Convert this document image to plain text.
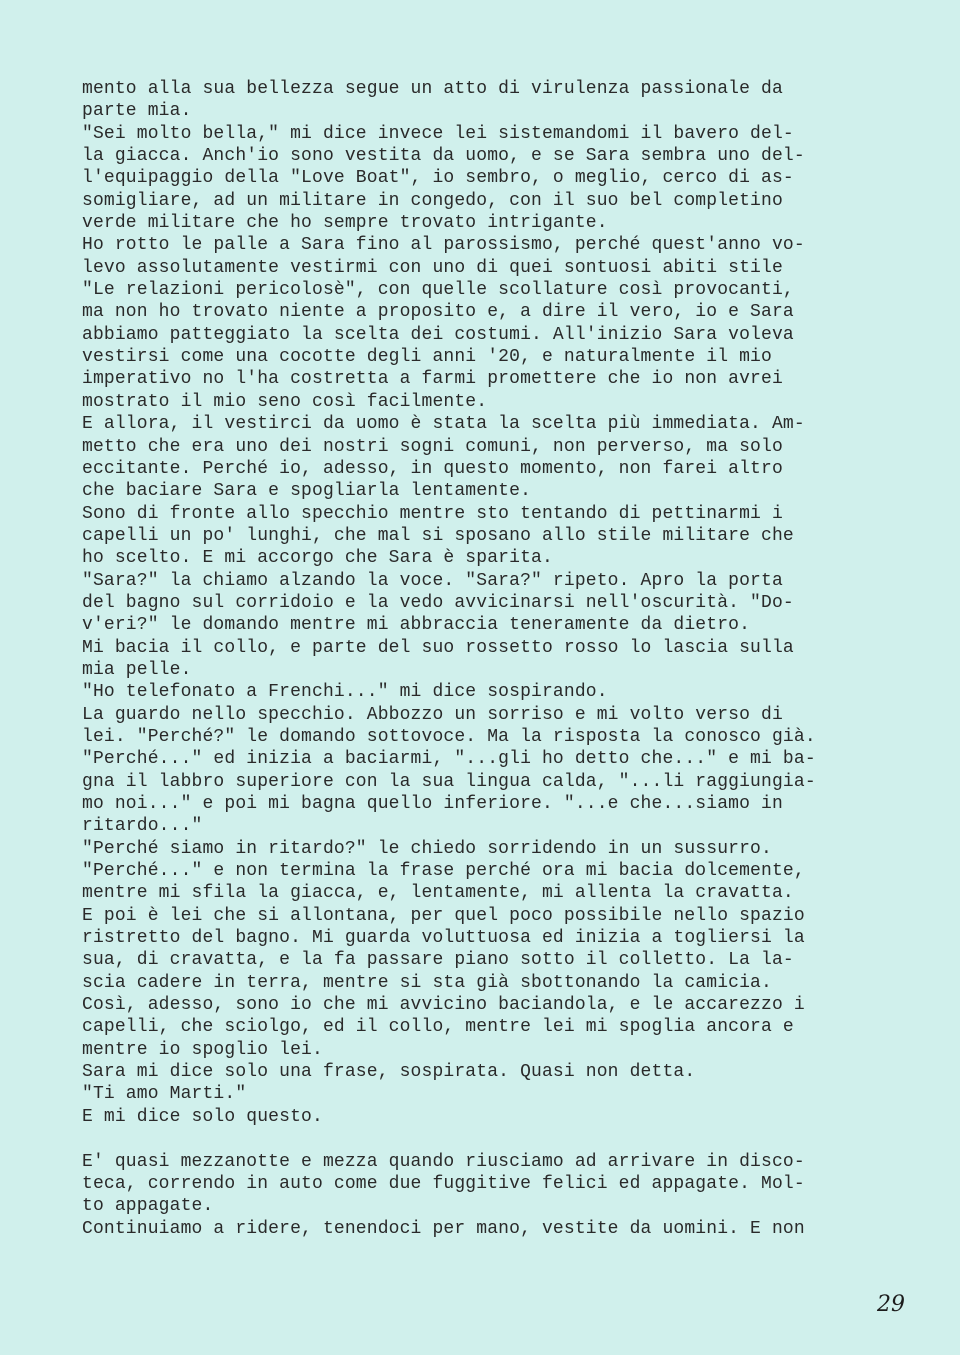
mento alla sua bellezza segue un atto di virulenza passionale da
parte mia.
"Sei molto bella," mi dice invece lei sistemandomi il bavero del-
la giacca. Anch'io sono vestita da uomo, e se Sara sembra uno del-
l'equipaggio della "Love Boat", io sembro, o meglio, cerco di as-
somigliare, ad un militare in congedo, con il suo bel completino
verde militare che ho sempre trovato intrigante.
Ho rotto le palle a Sara fino al parossismo, perché quest'anno vo-
levo assolutamente vestirmi con uno di quei sontuosi abiti stile
"Le relazioni pericolosè", con quelle scollature così provocanti,
ma non ho trovato niente a proposito e, a dire il vero, io e Sara
abbiamo patteggiato la scelta dei costumi. All'inizio Sara voleva
vestirsi come una cocotte degli anni '20, e naturalmente il mio
imperativo no l'ha costretta a farmi promettere che io non avrei
mostrato il mio seno così facilmente.
E allora, il vestirci da uomo è stata la scelta più immediata. Am-
metto che era uno dei nostri sogni comuni, non perverso, ma solo
eccitante. Perché io, adesso, in questo momento, non farei altro
che baciare Sara e spogliarla lentamente.
Sono di fronte allo specchio mentre sto tentando di pettinarmi i
capelli un po' lunghi, che mal si sposano allo stile militare che
ho scelto. E mi accorgo che Sara è sparita.
"Sara?" la chiamo alzando la voce. "Sara?" ripeto. Apro la porta
del bagno sul corridoio e la vedo avvicinarsi nell'oscurità. "Do-
v'eri?" le domando mentre mi abbraccia teneramente da dietro.
Mi bacia il collo, e parte del suo rossetto rosso lo lascia sulla
mia pelle.
"Ho telefonato a Frenchi..." mi dice sospirando.
La guardo nello specchio. Abbozzo un sorriso e mi volto verso di
lei. "Perché?" le domando sottovoce. Ma la risposta la conosco già.
"Perché..." ed inizia a baciarmi, "...gli ho detto che..." e mi ba-
gna il labbro superiore con la sua lingua calda, "...li raggiungia-
mo noi..." e poi mi bagna quello inferiore. "...e che...siamo in
ritardo..."
"Perché siamo in ritardo?" le chiedo sorridendo in un sussurro.
"Perché..." e non termina la frase perché ora mi bacia dolcemente,
mentre mi sfila la giacca, e, lentamente, mi allenta la cravatta.
E poi è lei che si allontana, per quel poco possibile nello spazio
ristretto del bagno. Mi guarda voluttuosa ed inizia a togliersi la
sua, di cravatta, e la fa passare piano sotto il colletto. La la-
scia cadere in terra, mentre si sta già sbottonando la camicia.
Così, adesso, sono io che mi avvicino baciandola, e le accarezzo i
capelli, che sciolgo, ed il collo, mentre lei mi spoglia ancora e
mentre io spoglio lei.
Sara mi dice solo una frase, sospirata. Quasi non detta.
"Ti amo Marti."
E mi dice solo questo.
E' quasi mezzanotte e mezza quando riusciamo ad arrivare in disco-
teca, correndo in auto come due fuggitive felici ed appagate. Mol-
to appagate.
Continuiamo a ridere, tenendoci per mano, vestite da uomini. E non
29
